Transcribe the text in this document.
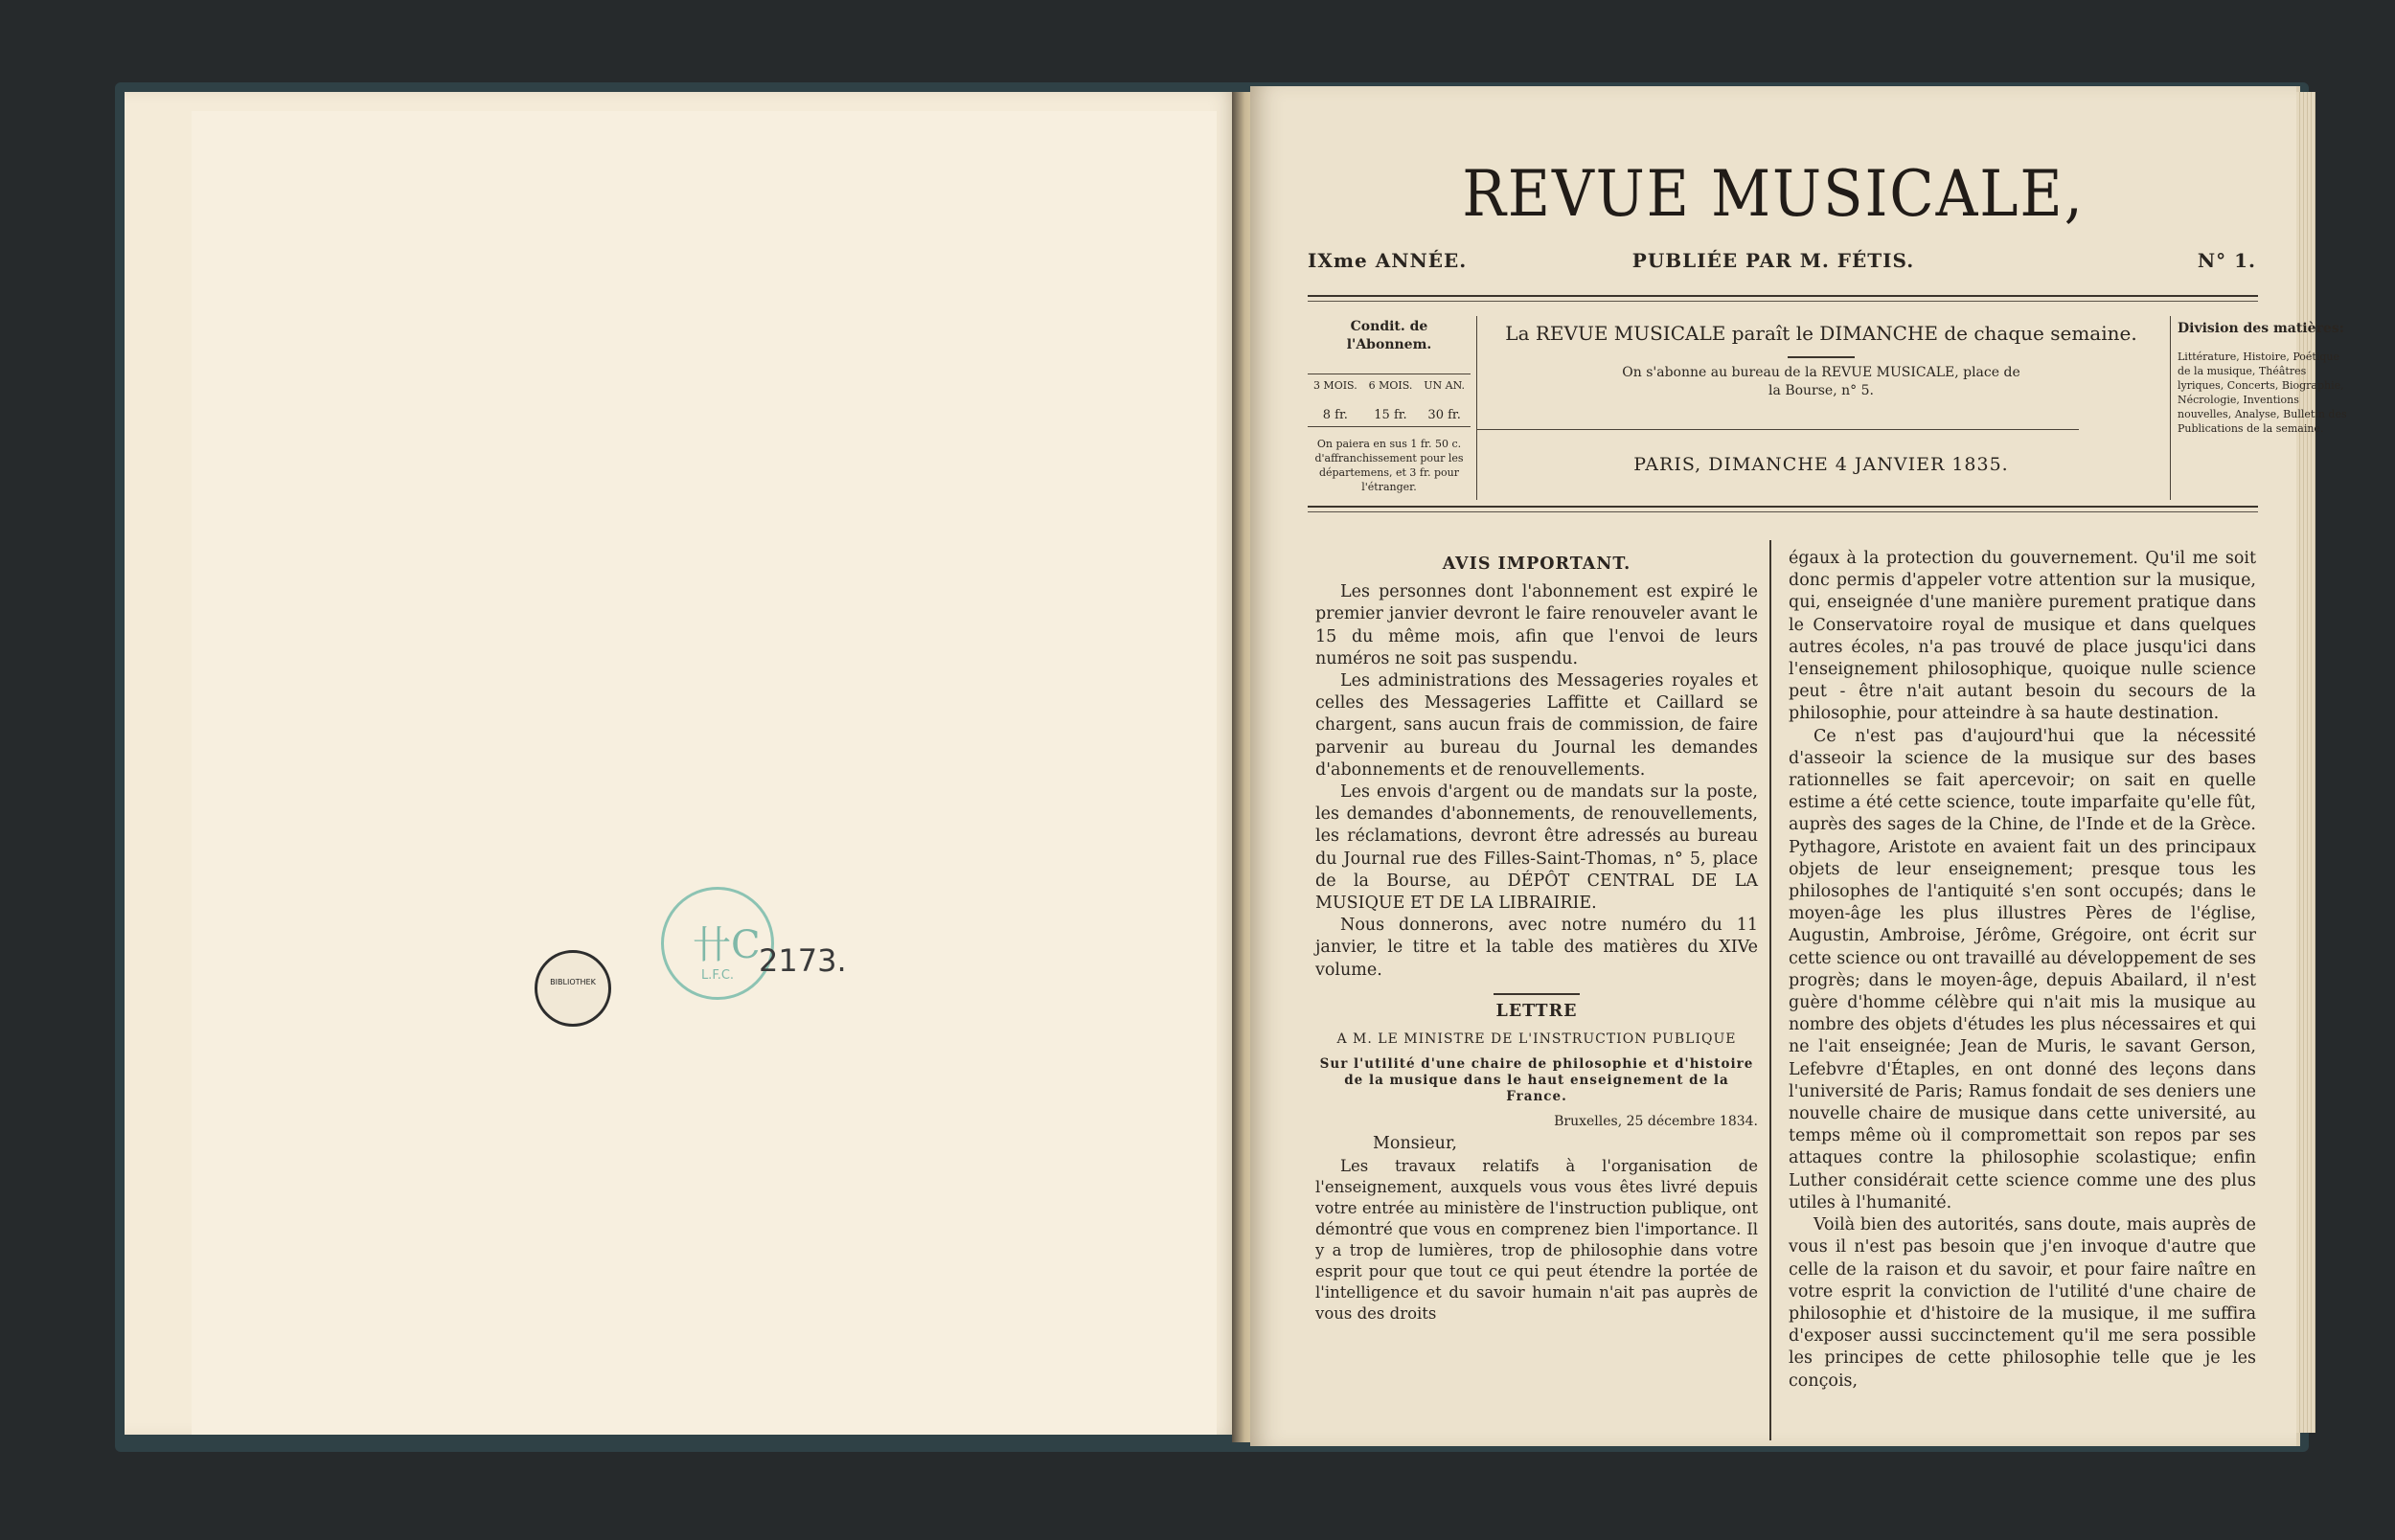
BIBLIOTHEK
卄C
L.F.C. 2173.
REVUE MUSICALE,
IXme ANNÉE.	PUBLIÉE PAR M. FÉTIS.	N° 1.
Condit. de l'Abonnem.
3 MOIS.
8 fr.
6 MOIS.
15 fr.
UN AN.
30 fr.
On paiera en sus 1 fr. 50 c. d'affranchissement pour les départemens, et 3 fr. pour l'étranger.
La REVUE MUSICALE paraît le DIMANCHE de chaque semaine.
On s'abonne au bureau de la REVUE MUSICALE, place de la Bourse, n° 5.
PARIS, DIMANCHE 4 JANVIER 1835.
Division des matières:
Littérature, Histoire, Poétique de la musique, Théâtres lyriques, Concerts, Biographie, Nécrologie, Inventions nouvelles, Analyse, Bulletin des Publications de la semaine.

AVIS IMPORTANT.

Les personnes dont l'abonnement est expiré le premier janvier devront le faire renouveler avant le 15 du même mois, afin que l'envoi de leurs numéros ne soit pas suspendu.

Les administrations des Messageries royales et celles des Messageries Laffitte et Caillard se chargent, sans aucun frais de commission, de faire parvenir au bureau du Journal les demandes d'abonnements et de renouvellements.

Les envois d'argent ou de mandats sur la poste, les demandes d'abonnements, de renouvellements, les réclamations, devront être adressés au bureau du Journal rue des Filles-Saint-Thomas, n° 5, place de la Bourse, au DÉPÔT CENTRAL DE LA MUSIQUE ET DE LA LIBRAIRIE.

Nous donnerons, avec notre numéro du 11 janvier, le titre et la table des matières du XIVe volume.

LETTRE

A M. LE MINISTRE DE L'INSTRUCTION PUBLIQUE

Sur l'utilité d'une chaire de philosophie et d'histoire de la musique dans le haut enseignement de la France.

Bruxelles, 25 décembre 1834.

Monsieur,

Les travaux relatifs à l'organisation de l'enseignement, auxquels vous vous êtes livré depuis votre entrée au ministère de l'instruction publique, ont démontré que vous en comprenez bien l'importance. Il y a trop de lumières, trop de philosophie dans votre esprit pour que tout ce qui peut étendre la portée de l'intelligence et du savoir humain n'ait pas auprès de vous des droits

égaux à la protection du gouvernement. Qu'il me soit donc permis d'appeler votre attention sur la musique, qui, enseignée d'une manière purement pratique dans le Conservatoire royal de musique et dans quelques autres écoles, n'a pas trouvé de place jusqu'ici dans l'enseignement philosophique, quoique nulle science peut - être n'ait autant besoin du secours de la philosophie, pour atteindre à sa haute destination.

Ce n'est pas d'aujourd'hui que la nécessité d'asseoir la science de la musique sur des bases rationnelles se fait apercevoir; on sait en quelle estime a été cette science, toute imparfaite qu'elle fût, auprès des sages de la Chine, de l'Inde et de la Grèce. Pythagore, Aristote en avaient fait un des principaux objets de leur enseignement; presque tous les philosophes de l'antiquité s'en sont occupés; dans le moyen-âge les plus illustres Pères de l'église, Augustin, Ambroise, Jérôme, Grégoire, ont écrit sur cette science ou ont travaillé au développement de ses progrès; dans le moyen-âge, depuis Abailard, il n'est guère d'homme célèbre qui n'ait mis la musique au nombre des objets d'études les plus nécessaires et qui ne l'ait enseignée; Jean de Muris, le savant Gerson, Lefebvre d'Étaples, en ont donné des leçons dans l'université de Paris; Ramus fondait de ses deniers une nouvelle chaire de musique dans cette université, au temps même où il compromettait son repos par ses attaques contre la philosophie scolastique; enfin Luther considérait cette science comme une des plus utiles à l'humanité.

Voilà bien des autorités, sans doute, mais auprès de vous il n'est pas besoin que j'en invoque d'autre que celle de la raison et du savoir, et pour faire naître en votre esprit la conviction de l'utilité d'une chaire de philosophie et d'histoire de la musique, il me suffira d'exposer aussi succinctement qu'il me sera possible les principes de cette philosophie telle que je les conçois,
